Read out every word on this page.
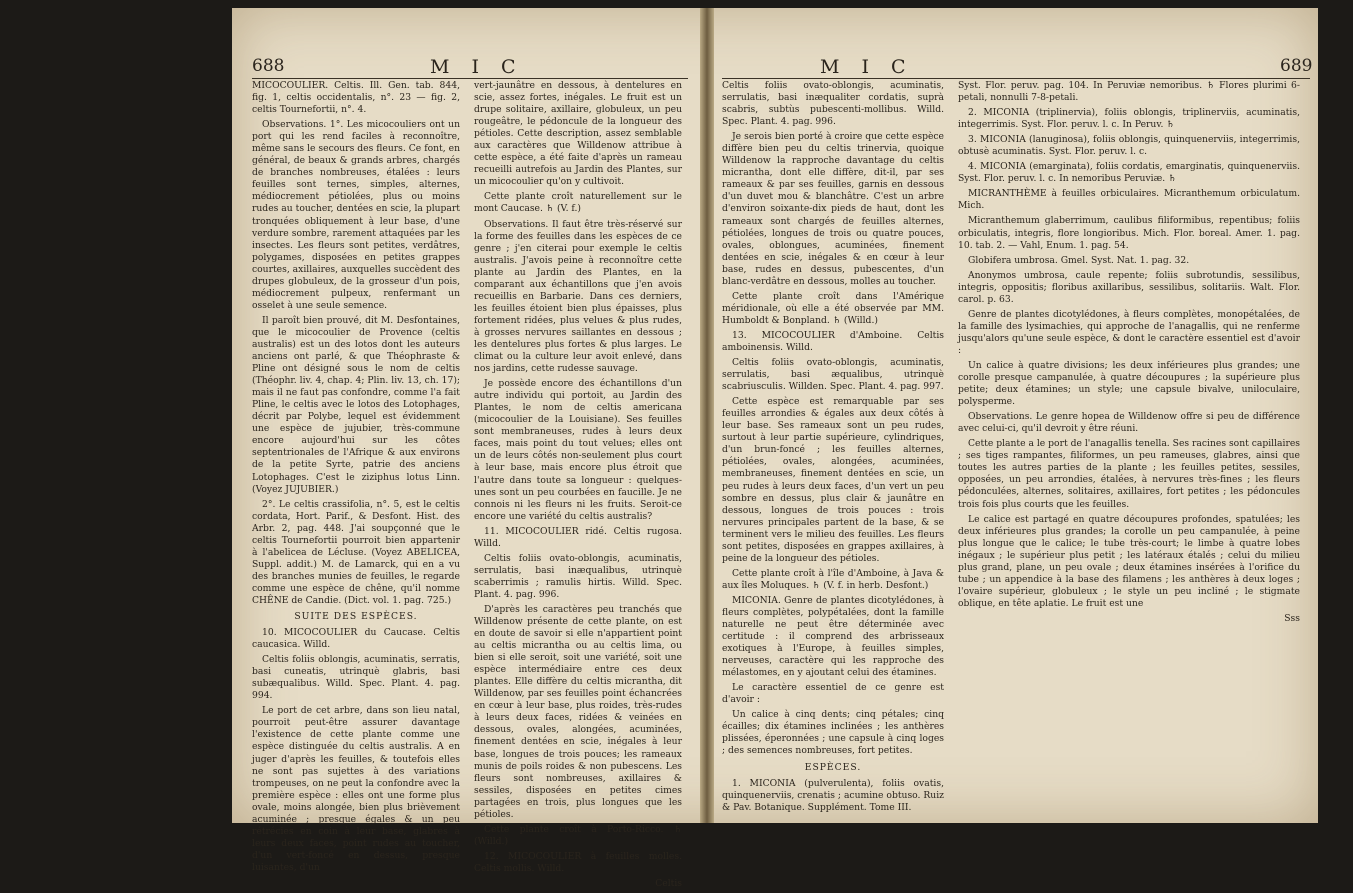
688	M I C

MICOCOULIER. Celtis. Ill. Gen. tab. 844, fig. 1, celtis occidentalis, n°. 23 — fig. 2, celtis Tournefortii, n°. 4.

Observations. 1°. Les micocouliers ont un port qui les rend faciles à reconnoître, même sans le secours des fleurs. Ce font, en général, de beaux & grands arbres, chargés de branches nombreuses, étalées : leurs feuilles sont ternes, simples, alternes, médiocrement pétiolées, plus ou moins rudes au toucher, dentées en scie, la plupart tronquées obliquement à leur base, d'une verdure sombre, rarement attaquées par les insectes. Les fleurs sont petites, verdâtres, polygames, disposées en petites grappes courtes, axillaires, auxquelles succèdent des drupes globuleux, de la grosseur d'un pois, médiocrement pulpeux, renfermant un osselet à une seule semence.

Il paroît bien prouvé, dit M. Desfontaines, que le micocoulier de Provence (celtis australis) est un des lotos dont les auteurs anciens ont parlé, & que Théophraste & Pline ont désigné sous le nom de celtis (Théophr. liv. 4, chap. 4; Plin. liv. 13, ch. 17); mais il ne faut pas confondre, comme l'a fait Pline, le celtis avec le lotos des Lotophages, décrit par Polybe, lequel est évidemment une espèce de jujubier, très-commune encore aujourd'hui sur les côtes septentrionales de l'Afrique & aux environs de la petite Syrte, patrie des anciens Lotophages. C'est le ziziphus lotus Linn. (Voyez JUJUBIER.)

2°. Le celtis crassifolia, n°. 5, est le celtis cordata, Hort. Parif., & Desfont. Hist. des Arbr. 2, pag. 448. J'ai soupçonné que le celtis Tournefortii pourroit bien appartenir à l'abelicea de Lécluse. (Voyez ABELICEA, Suppl. addit.) M. de Lamarck, qui en a vu des branches munies de feuilles, le regarde comme une espèce de chêne, qu'il nomme CHÊNE de Candie. (Dict. vol. 1. pag. 725.)

SUITE DES ESPÈCES.

10. MICOCOULIER du Caucase. Celtis caucasica. Willd.

Celtis foliis oblongis, acuminatis, serratis, basi cuneatis, utrinquè glabris, basi subæqualibus. Willd. Spec. Plant. 4. pag. 994.

Le port de cet arbre, dans son lieu natal, pourroit peut-être assurer davantage l'existence de cette plante comme une espèce distinguée du celtis australis. A en juger d'après les feuilles, & toutefois elles ne sont pas sujettes à des variations trompeuses, on ne peut la confondre avec la première espèce : elles ont une forme plus ovale, moins alongée, bien plus brièvement acuminée ; presque égales & un peu rétrécies en coin à leur base, glabres à leurs deux faces, point rudes au toucher, d'un vert-foncé en dessus, presque luisantes, d'un

vert-jaunâtre en dessous, à dentelures en scie, assez fortes, inégales. Le fruit est un drupe solitaire, axillaire, globuleux, un peu rougeâtre, le pédoncule de la longueur des pétioles. Cette description, assez semblable aux caractères que Willdenow attribue à cette espèce, a été faite d'après un rameau recueilli autrefois au Jardin des Plantes, sur un micocoulier qu'on y cultivoit.

Cette plante croît naturellement sur le mont Caucase. ♄ (V. f.)

Observations. Il faut être très-réservé sur la forme des feuilles dans les espèces de ce genre ; j'en citerai pour exemple le celtis australis. J'avois peine à reconnoître cette plante au Jardin des Plantes, en la comparant aux échantillons que j'en avois recueillis en Barbarie. Dans ces derniers, les feuilles étoient bien plus épaisses, plus fortement ridées, plus velues & plus rudes, à grosses nervures saillantes en dessous ; les dentelures plus fortes & plus larges. Le climat ou la culture leur avoit enlevé, dans nos jardins, cette rudesse sauvage.

Je possède encore des échantillons d'un autre individu qui portoit, au Jardin des Plantes, le nom de celtis americana (micocoulier de la Louisiane). Ses feuilles sont membraneuses, rudes à leurs deux faces, mais point du tout velues; elles ont un de leurs côtés non-seulement plus court à leur base, mais encore plus étroit que l'autre dans toute sa longueur : quelques-unes sont un peu courbées en faucille. Je ne connois ni les fleurs ni les fruits. Seroit-ce encore une variété du celtis australis?

11. MICOCOULIER ridé. Celtis rugosa. Willd.

Celtis foliis ovato-oblongis, acuminatis, serrulatis, basi inæqualibus, utrinquè scaberrimis ; ramulis hirtis. Willd. Spec. Plant. 4. pag. 996.

D'après les caractères peu tranchés que Willdenow présente de cette plante, on est en doute de savoir si elle n'appartient point au celtis micrantha ou au celtis lima, ou bien si elle seroit, soit une variété, soit une espèce intermédiaire entre ces deux plantes. Elle diffère du celtis micrantha, dit Willdenow, par ses feuilles point échancrées en cœur à leur base, plus roides, très-rudes à leurs deux faces, ridées & veinées en dessous, ovales, alongées, acuminées, finement dentées en scie, inégales à leur base, longues de trois pouces; les rameaux munis de poils roides & non pubescens. Les fleurs sont nombreuses, axillaires & sessiles, disposées en petites cimes partagées en trois, plus longues que les pétioles.

Cette plante croît à Porto-Ricco. ♄ (Willd.)

12. MICOCOULIER à feuilles molles. Celtis mollis. Willd.

Celtis

M I C	689

Celtis foliis ovato-oblongis, acuminatis, serrulatis, basi inæqualiter cordatis, suprà scabris, subtùs pubescenti-mollibus. Willd. Spec. Plant. 4. pag. 996.

Je serois bien porté à croire que cette espèce diffère bien peu du celtis trinervia, quoique Willdenow la rapproche davantage du celtis micrantha, dont elle diffère, dit-il, par ses rameaux & par ses feuilles, garnis en dessous d'un duvet mou & blanchâtre. C'est un arbre d'environ soixante-dix pieds de haut, dont les rameaux sont chargés de feuilles alternes, pétiolées, longues de trois ou quatre pouces, ovales, oblongues, acuminées, finement dentées en scie, inégales & en cœur à leur base, rudes en dessus, pubescentes, d'un blanc-verdâtre en dessous, molles au toucher.

Cette plante croît dans l'Amérique méridionale, où elle a été observée par MM. Humboldt & Bonpland. ♄ (Willd.)

13. MICOCOULIER d'Amboine. Celtis amboinensis. Willd.

Celtis foliis ovato-oblongis, acuminatis, serrulatis, basi æqualibus, utrinquè scabriusculis. Willden. Spec. Plant. 4. pag. 997.

Cette espèce est remarquable par ses feuilles arrondies & égales aux deux côtés à leur base. Ses rameaux sont un peu rudes, surtout à leur partie supérieure, cylindriques, d'un brun-foncé ; les feuilles alternes, pétiolées, ovales, alongées, acuminées, membraneuses, finement dentées en scie, un peu rudes à leurs deux faces, d'un vert un peu sombre en dessus, plus clair & jaunâtre en dessous, longues de trois pouces : trois nervures principales partent de la base, & se terminent vers le milieu des feuilles. Les fleurs sont petites, disposées en grappes axillaires, à peine de la longueur des pétioles.

Cette plante croît à l'île d'Amboine, à Java & aux îles Moluques. ♄ (V. f. in herb. Desfont.)

MICONIA. Genre de plantes dicotylédones, à fleurs complètes, polypétalées, dont la famille naturelle ne peut être déterminée avec certitude : il comprend des arbrisseaux exotiques à l'Europe, à feuilles simples, nerveuses, caractère qui les rapproche des mélastomes, en y ajoutant celui des étamines.

Le caractère essentiel de ce genre est d'avoir :

Un calice à cinq dents; cinq pétales; cinq écailles; dix étamines inclinées ; les anthères plissées, éperonnées ; une capsule à cinq loges ; des semences nombreuses, fort petites.

ESPÈCES.

1. MICONIA (pulverulenta), foliis ovatis, quinquenerviis, crenatis ; acumine obtuso. Ruiz & Pav. Botanique. Supplément. Tome III.

Syst. Flor. peruv. pag. 104. In Peruviæ nemoribus. ♄ Flores plurimi 6-petali, nonnulli 7-8-petali.

2. MICONIA (triplinervia), foliis oblongis, triplinerviis, acuminatis, integerrimis. Syst. Flor. peruv. l. c. In Peruv. ♄

3. MICONIA (lanuginosa), foliis oblongis, quinquenerviis, integerrimis, obtusè acuminatis. Syst. Flor. peruv. l. c.

4. MICONIA (emarginata), foliis cordatis, emarginatis, quinquenerviis. Syst. Flor. peruv. l. c. In nemoribus Peruviæ. ♄

MICRANTHÈME à feuilles orbiculaires. Micranthemum orbiculatum. Mich.

Micranthemum glaberrimum, caulibus filiformibus, repentibus; foliis orbiculatis, integris, flore longioribus. Mich. Flor. boreal. Amer. 1. pag. 10. tab. 2. — Vahl, Enum. 1. pag. 54.

Globifera umbrosa. Gmel. Syst. Nat. 1. pag. 32.

Anonymos umbrosa, caule repente; foliis subrotundis, sessilibus, integris, oppositis; floribus axillaribus, sessilibus, solitariis. Walt. Flor. carol. p. 63.

Genre de plantes dicotylédones, à fleurs complètes, monopétalées, de la famille des lysimachies, qui approche de l'anagallis, qui ne renferme jusqu'alors qu'une seule espèce, & dont le caractère essentiel est d'avoir :

Un calice à quatre divisions; les deux inférieures plus grandes; une corolle presque campanulée, à quatre découpures ; la supérieure plus petite; deux étamines; un style; une capsule bivalve, uniloculaire, polysperme.

Observations. Le genre hopea de Willdenow offre si peu de différence avec celui-ci, qu'il devroit y être réuni.

Cette plante a le port de l'anagallis tenella. Ses racines sont capillaires ; ses tiges rampantes, filiformes, un peu rameuses, glabres, ainsi que toutes les autres parties de la plante ; les feuilles petites, sessiles, opposées, un peu arrondies, étalées, à nervures très-fines ; les fleurs pédonculées, alternes, solitaires, axillaires, fort petites ; les pédoncules trois fois plus courts que les feuilles.

Le calice est partagé en quatre découpures profondes, spatulées; les deux inférieures plus grandes; la corolle un peu campanulée, à peine plus longue que le calice; le tube très-court; le limbe à quatre lobes inégaux ; le supérieur plus petit ; les latéraux étalés ; celui du milieu plus grand, plane, un peu ovale ; deux étamines insérées à l'orifice du tube ; un appendice à la base des filamens ; les anthères à deux loges ; l'ovaire supérieur, globuleux ; le style un peu incliné ; le stigmate oblique, en tête aplatie. Le fruit est une

Sss
